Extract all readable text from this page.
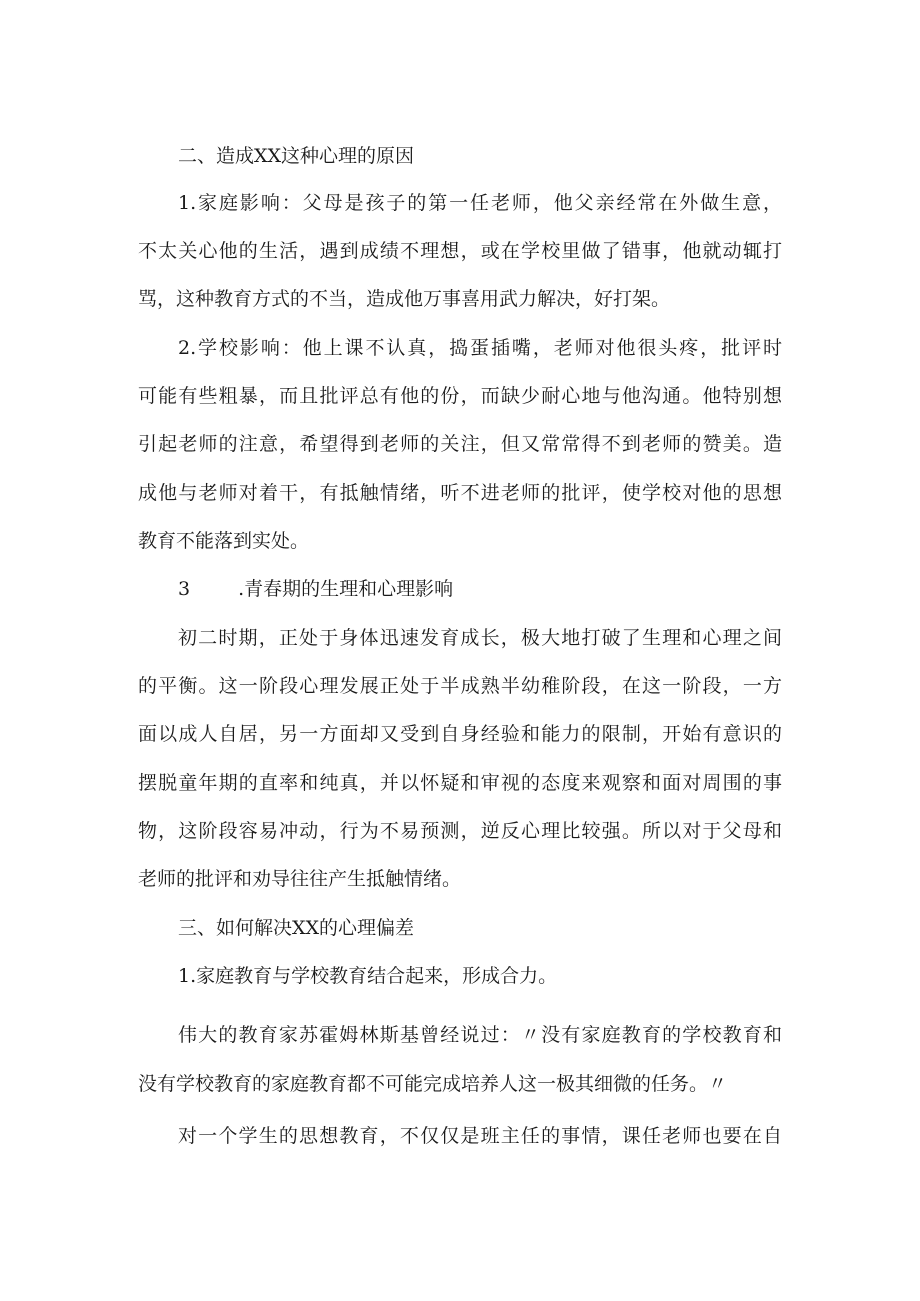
二、造成XX这种心理的原因
1.家庭影响：父母是孩子的第一任老师，他父亲经常在外做生意，
不太关心他的生活，遇到成绩不理想，或在学校里做了错事，他就动辄打
骂，这种教育方式的不当，造成他万事喜用武力解决，好打架。
2.学校影响：他上课不认真，捣蛋插嘴，老师对他很头疼，批评时
可能有些粗暴，而且批评总有他的份，而缺少耐心地与他沟通。他特别想
引起老师的注意，希望得到老师的关注，但又常常得不到老师的赞美。造
成他与老师对着干，有抵触情绪，听不进老师的批评，使学校对他的思想
教育不能落到实处。
3	.青春期的生理和心理影响
初二时期，正处于身体迅速发育成长，极大地打破了生理和心理之间
的平衡。这一阶段心理发展正处于半成熟半幼稚阶段，在这一阶段，一方
面以成人自居，另一方面却又受到自身经验和能力的限制，开始有意识的
摆脱童年期的直率和纯真，并以怀疑和审视的态度来观察和面对周围的事
物，这阶段容易冲动，行为不易预测，逆反心理比较强。所以对于父母和
老师的批评和劝导往往产生抵触情绪。
三、如何解决XX的心理偏差
1.家庭教育与学校教育结合起来，形成合力。
伟大的教育家苏霍姆林斯基曾经说过：〃没有家庭教育的学校教育和
没有学校教育的家庭教育都不可能完成培养人这一极其细微的任务。〃
对一个学生的思想教育，不仅仅是班主任的事情，课任老师也要在自
